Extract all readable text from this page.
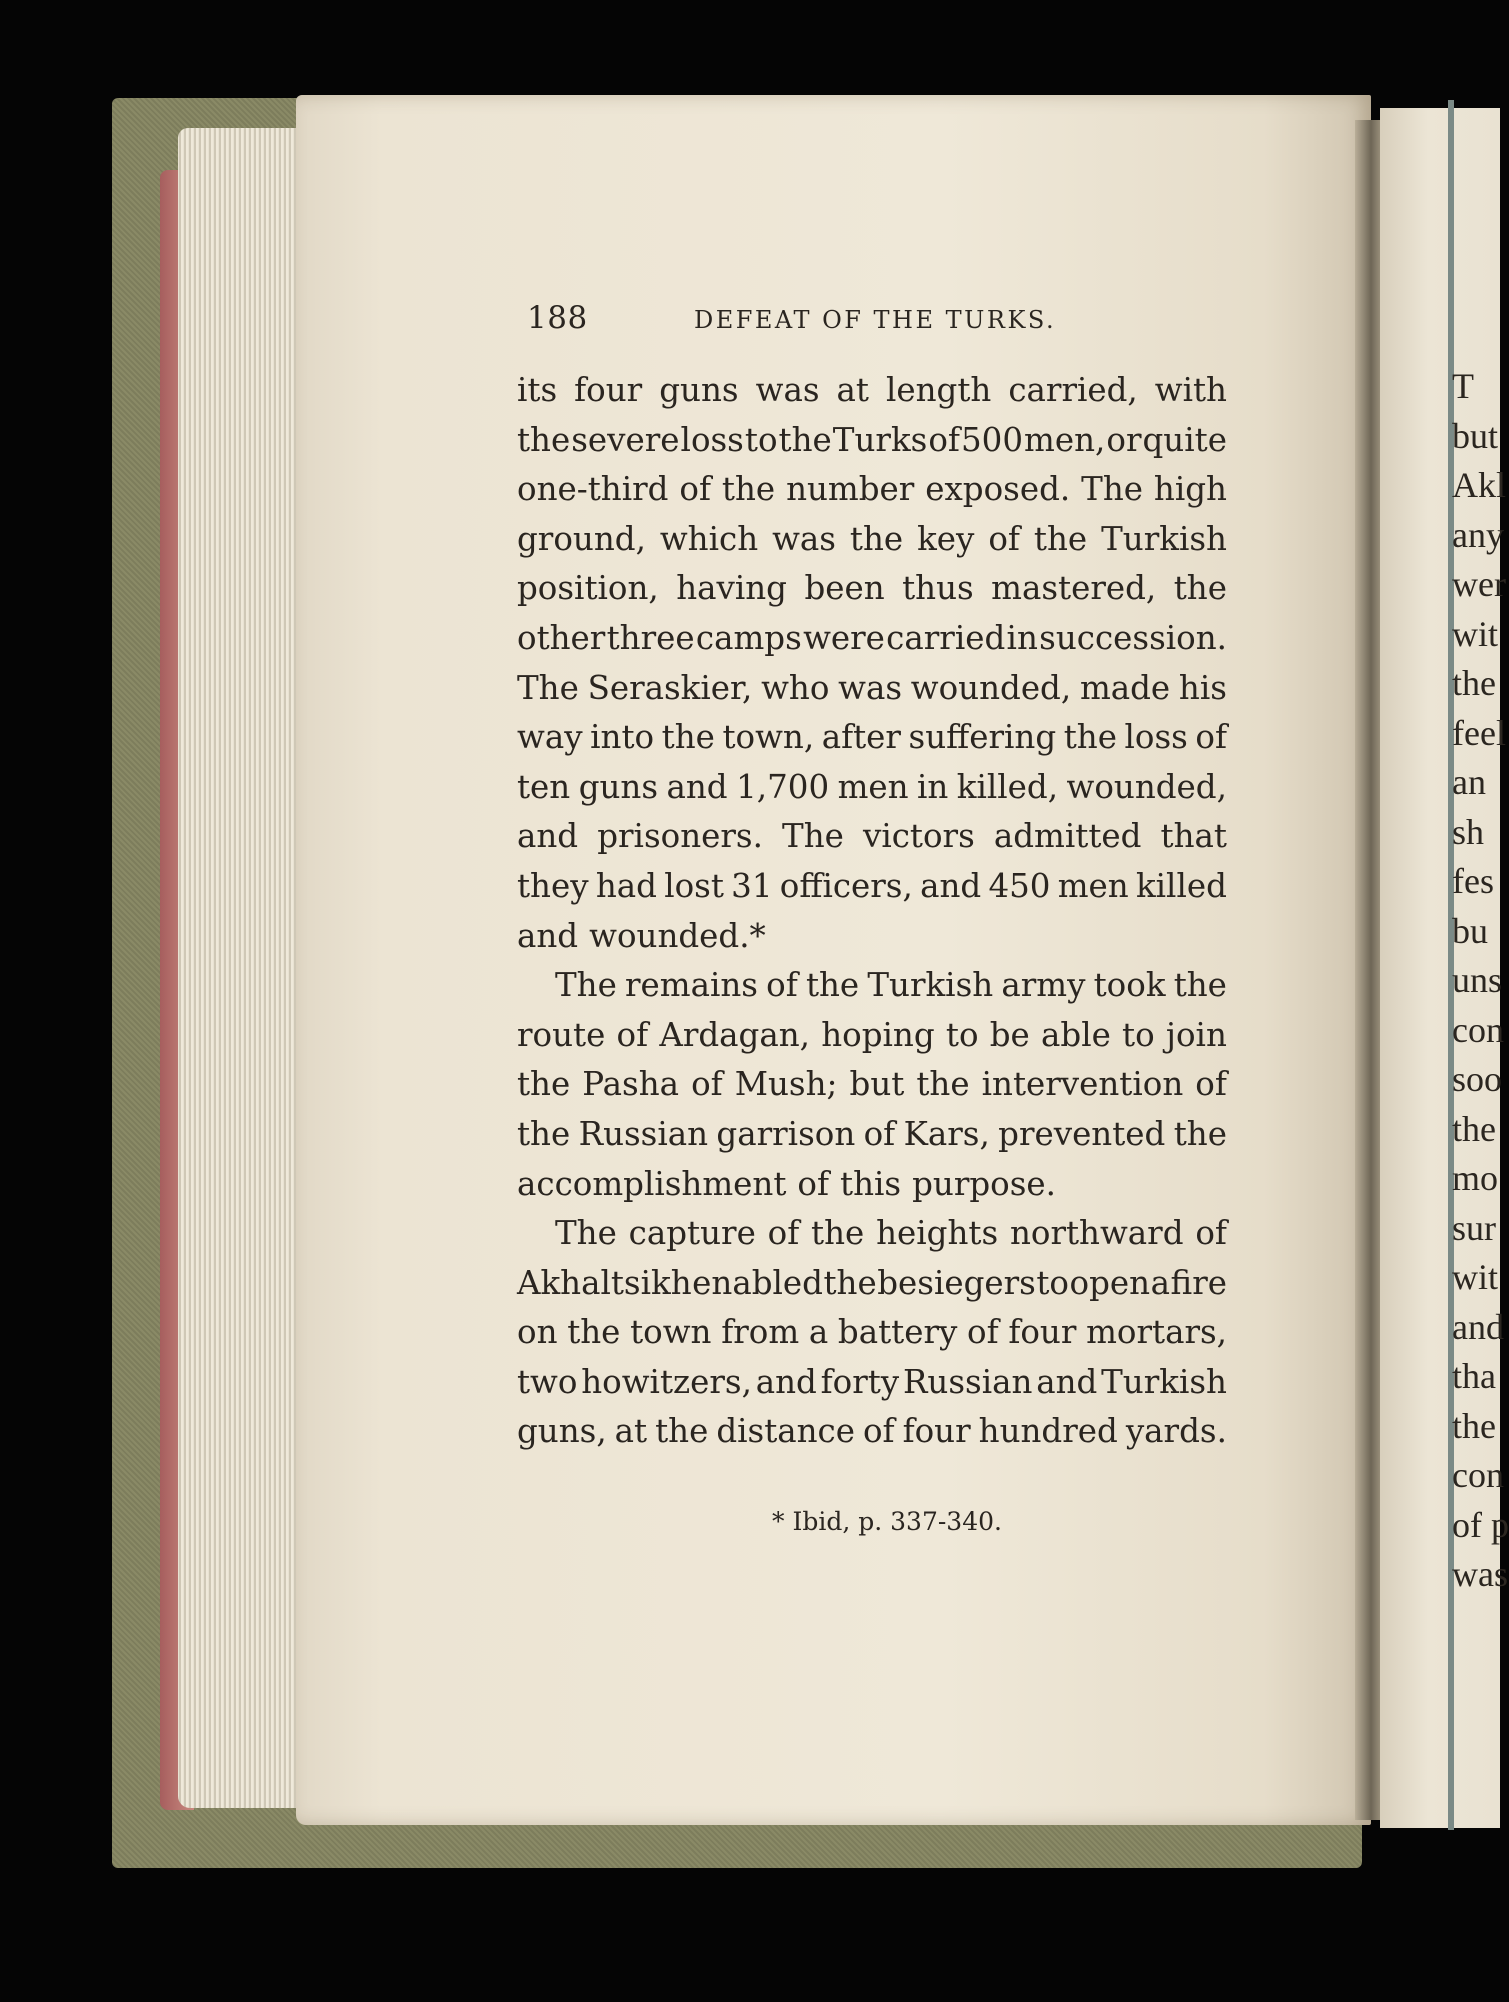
T
but
Akl
any
wer
wit
the
feel
an
sh
fes
bu
uns
con
soo
the
mo
sur
wit
and
tha
the
con
of p
was
188	DEFEAT OF THE TURKS.
its four guns was at length carried, with
the severe loss to the Turks of 500 men, or quite
one-third of the number exposed. The high
ground, which was the key of the Turkish
position, having been thus mastered, the
other three camps were carried in succession.
The Seraskier, who was wounded, made his
way into the town, after suffering the loss of
ten guns and 1,700 men in killed, wounded,
and prisoners. The victors admitted that
they had lost 31 officers, and 450 men killed
and wounded.*
The remains of the Turkish army took the
route of Ardagan, hoping to be able to join
the Pasha of Mush; but the intervention of
the Russian garrison of Kars, prevented the
accomplishment of this purpose.
The capture of the heights northward of
Akhaltsikh enabled the besiegers to open a fire
on the town from a battery of four mortars,
two howitzers, and forty Russian and Turkish
guns, at the distance of four hundred yards.
* Ibid, p. 337-340.
